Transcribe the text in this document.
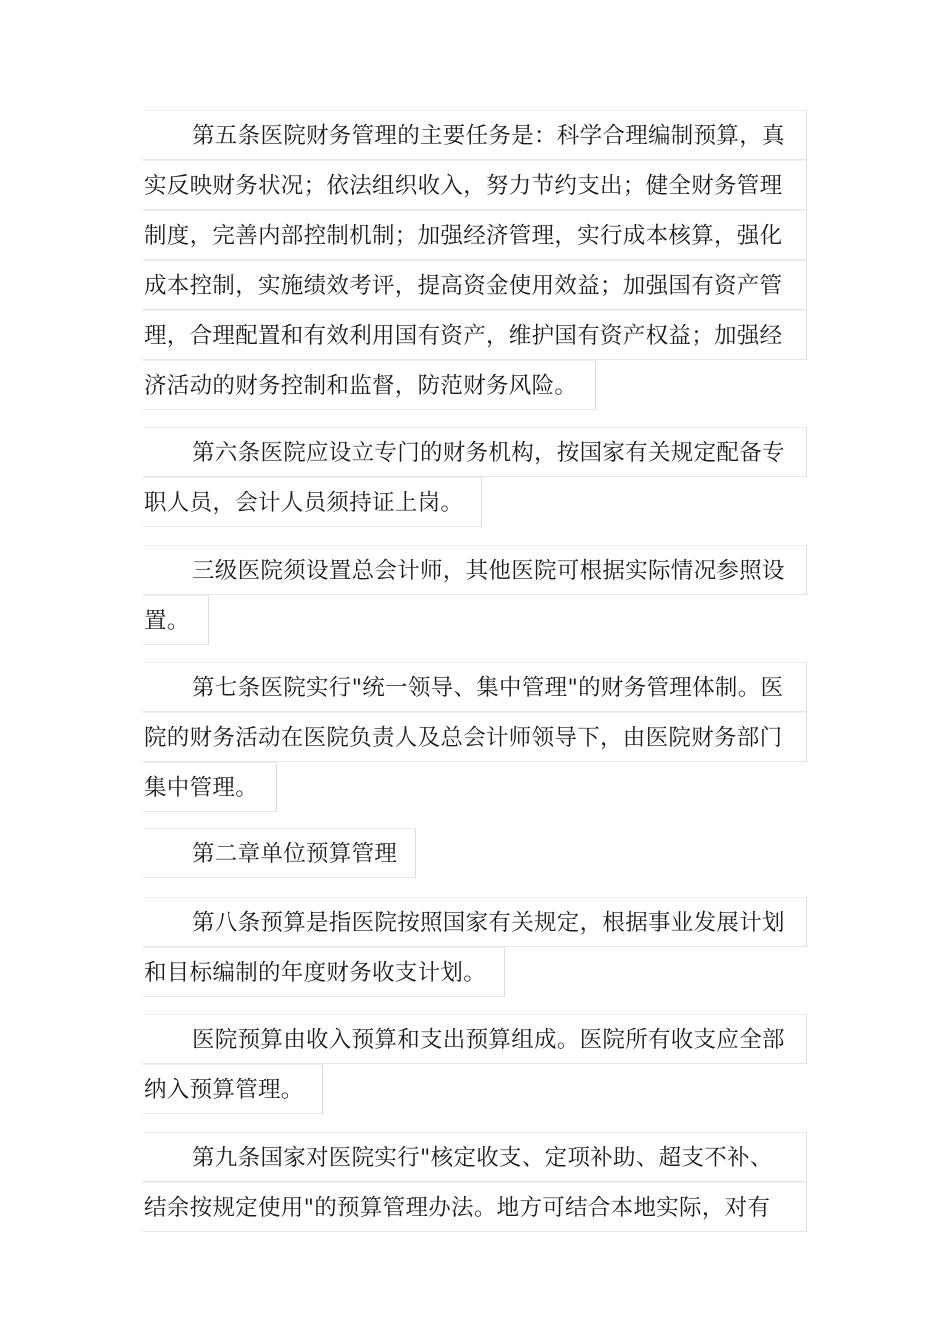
第五条医院财务管理的主要任务是：科学合理编制预算，真
实反映财务状况；依法组织收入，努力节约支出；健全财务管理
制度，完善内部控制机制；加强经济管理，实行成本核算，强化
成本控制，实施绩效考评，提高资金使用效益；加强国有资产管
理，合理配置和有效利用国有资产，维护国有资产权益；加强经
济活动的财务控制和监督，防范财务风险。
第六条医院应设立专门的财务机构，按国家有关规定配备专
职人员，会计人员须持证上岗。
三级医院须设置总会计师，其他医院可根据实际情况参照设
置。
第七条医院实行"统一领导、集中管理"的财务管理体制。医
院的财务活动在医院负责人及总会计师领导下，由医院财务部门
集中管理。
第二章单位预算管理
第八条预算是指医院按照国家有关规定，根据事业发展计划
和目标编制的年度财务收支计划。
医院预算由收入预算和支出预算组成。医院所有收支应全部
纳入预算管理。
第九条国家对医院实行"核定收支、定项补助、超支不补、
结余按规定使用"的预算管理办法。地方可结合本地实际，对有
